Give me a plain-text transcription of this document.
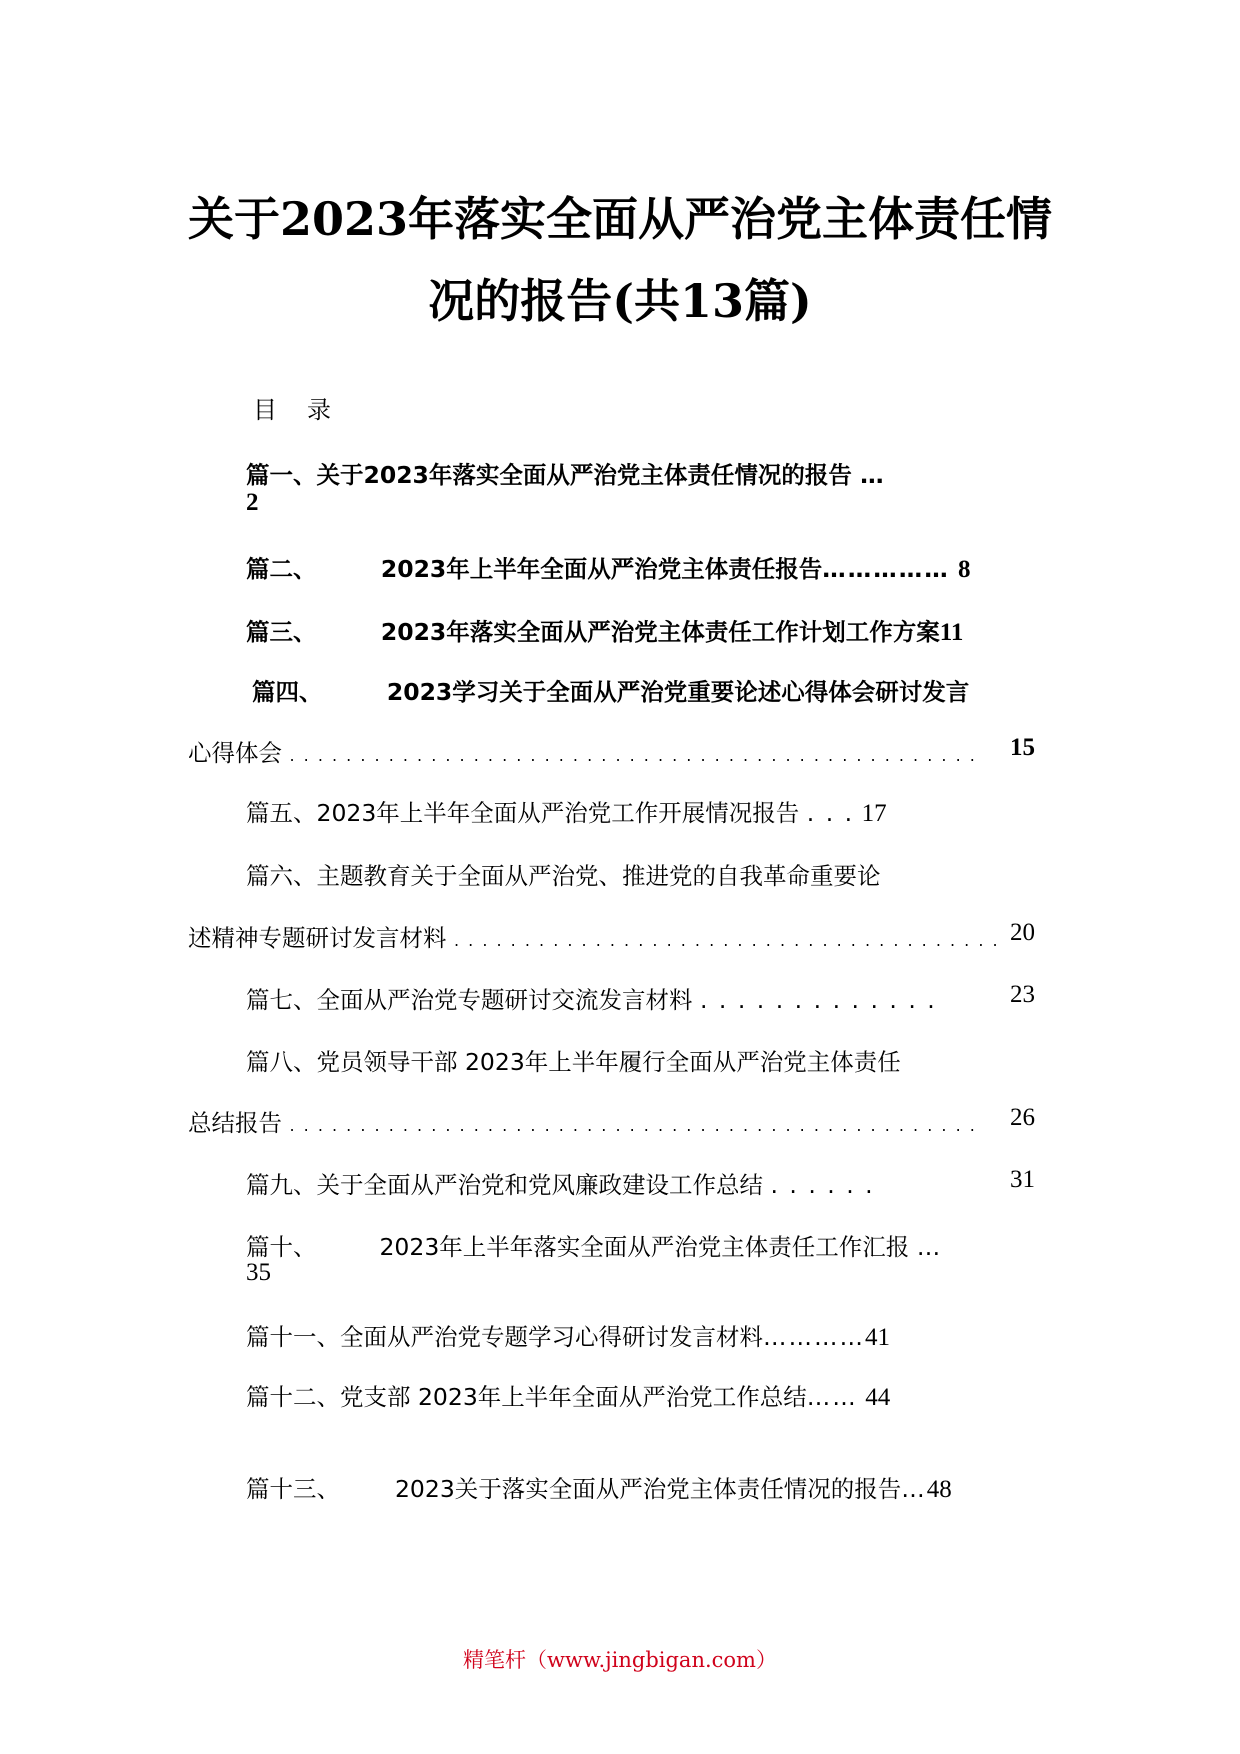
关于2023年落实全面从严治党主体责任情
况的报告(共13篇)
目录
篇一、关于2023年落实全面从严治党主体责任情况的报告 …
2
篇二、	2023年上半年全面从严治党主体责任报告…………… 8
篇三、	2023年落实全面从严治党主体责任工作计划工作方案11
篇四、	2023学习关于全面从严治党重要论述心得体会研讨发言
心得体会 . . . . . . . . . . . . . . . . . . . . . . . . . . . . . . . . . . . . . . . . . . . . . . . . . 15
篇五、2023年上半年全面从严治党工作开展情况报告 . . . 17
篇六、主题教育关于全面从严治党、推进党的自我革命重要论
述精神专题研讨发言材料 . . . . . . . . . . . . . . . . . . . . . . . . . . . . . . . . . . . . . . . 20
篇七、全面从严治党专题研讨交流发言材料 . . . . . . . . . . . . .	23
篇八、党员领导干部 2023年上半年履行全面从严治党主体责任
总结报告 . . . . . . . . . . . . . . . . . . . . . . . . . . . . . . . . . . . . . . . . . . . . . . . . . 26
篇九、关于全面从严治党和党风廉政建设工作总结 . . . . . .	31
篇十、	2023年上半年落实全面从严治党主体责任工作汇报 …
35
篇十一、全面从严治党专题学习心得研讨发言材料…………41
篇十二、党支部 2023年上半年全面从严治党工作总结…… 44
篇十三、 2023关于落实全面从严治党主体责任情况的报告…48
精笔杆（www.jingbigan.com）
